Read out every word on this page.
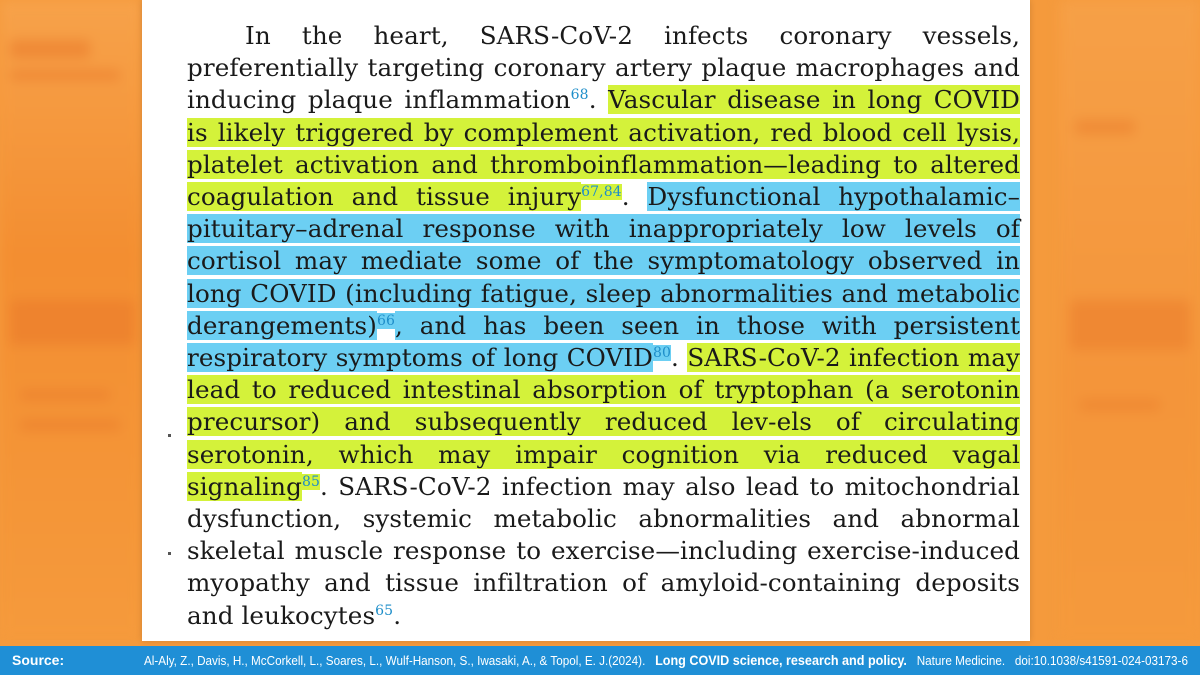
In the heart, SARS-CoV-2 infects coronary vessels, preferentially targeting coronary artery plaque macrophages and inducing plaque inflammation$^{68}$. Vascular disease in long COVID is likely triggered by complement activation, red blood cell lysis, platelet activation and thromboinflammation—leading to altered coagulation and tissue injury$^{67,84}$. Dysfunctional hypothalamic–pituitary–adrenal response with inappropriately low levels of cortisol may mediate some of the symptomatology observed in long COVID (including fatigue, sleep abnormalities and metabolic derangements)$^{66}$, and has been seen in those with persistent respiratory symptoms of long COVID$^{80}$. SARS-CoV-2 infection may lead to reduced intestinal absorption of tryptophan (a serotonin precursor) and subsequently reduced lev-els of circulating serotonin, which may impair cognition via reduced vagal signaling$^{85}$. SARS-CoV-2 infection may also lead to mitochondrial dysfunction, systemic metabolic abnormalities and abnormal skeletal muscle response to exercise—including exercise-induced myopathy and tissue infiltration of amyloid-containing deposits and leukocytes$^{65}$.
Source:	Al-Aly, Z., Davis, H., McCorkell, L., Soares, L., Wulf-Hanson, S., Iwasaki, A., & Topol, E. J.(2024). Long COVID science, research and policy. Nature Medicine. doi:10.1038/s41591-024-03173-6
